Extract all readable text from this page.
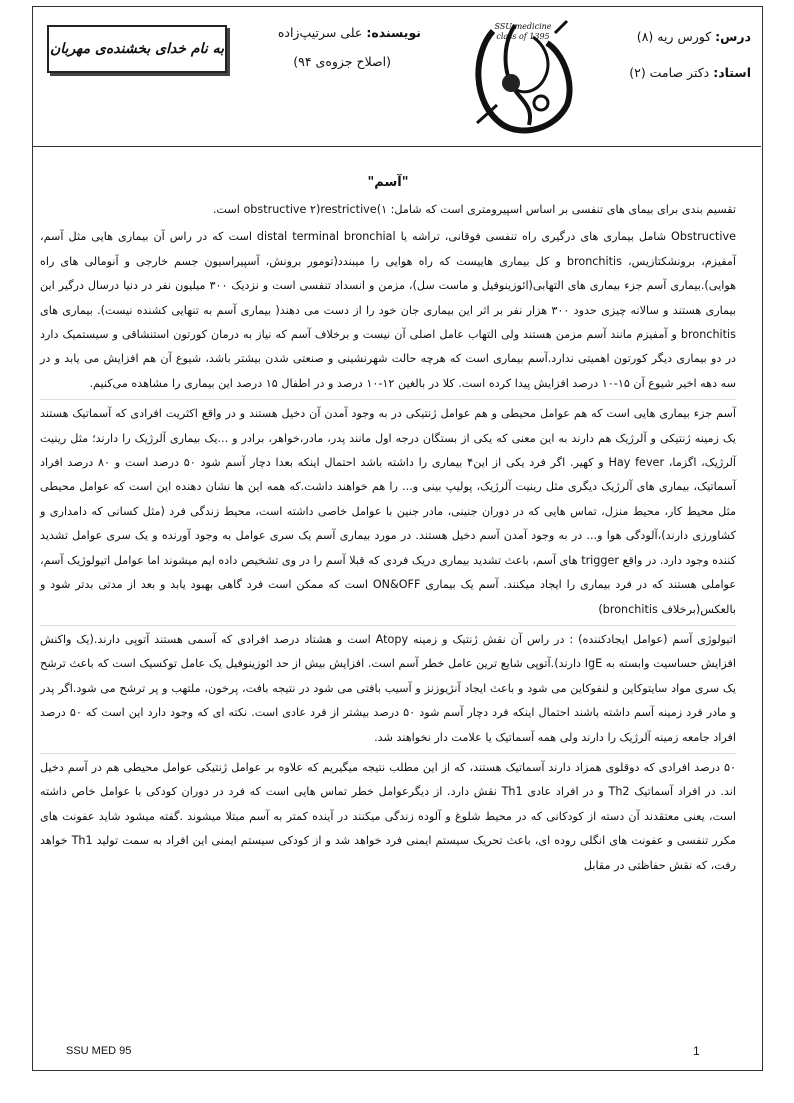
درس: کورس ریه (۸)
استاد: دکتر صامت (۲)
SSU medicine
class of 1395
نویسنده: علی سرتیپ‌زاده
(اصلاح جزوه‌ی ۹۴)
به نام خدای بخشنده‌ی مهربان
"آسم"

تقسیم بندی برای بیمای های تنفسی بر اساس اسپیرومتری است که شامل: ۱)obstructive ۲)restrictive است.

Obstructive شامل بیماری های درگیری راه تنفسی فوقانی، تراشه یا distal terminal bronchial است که در راس آن بیماری هایی مثل آسم، آمفیزم، برونشکتازیس، bronchitis و کل بیماری هاییست که راه هوایی را میبندد(تومور برونش، آسپیراسیون جسم خارجی و آنومالی های راه هوایی).بیماری آسم جزء بیماری های التهابی(ائوزینوفیل و ماست سل)، مزمن و انسداد تنفسی است و نزدیک ۳۰۰ میلیون نفر در دنیا درسال درگیر این بیماری هستند و سالانه چیزی حدود ۳۰۰ هزار نفر بر اثر این بیماری جان خود را از دست می دهند( بیماری آسم به تنهایی کشنده نیست). بیماری های bronchitis و آمفیزم مانند آسم مزمن هستند ولی التهاب عامل اصلی آن نیست و برخلاف آسم که نیاز به درمان کورتون استنشاقی و سیستمیک دارد در دو بیماری دیگر کورتون اهمیتی ندارد.آسم بیماری است که هرچه حالت شهرنشینی و صنعتی شدن بیشتر باشد، شیوع آن هم افزایش می یابد و در سه دهه اخیر شیوع آن ۱۵-۱۰ درصد افزایش پیدا کرده است. کلا در بالغین ۱۲-۱۰ درصد و در اطفال ۱۵ درصد این بیماری را مشاهده می‌کنیم.

آسم جزء بیماری هایی است که هم عوامل محیطی و هم عوامل ژنتیکی در به وجود آمدن آن دخیل هستند و در واقع اکثریت افرادی که آسماتیک هستند یک زمینه ژنتیکی و آلرژیک هم دارند به این معنی که یکی از بستگان درجه اول مانند پدر، مادر،خواهر، برادر و ...یک بیماری آلرژیک را دارند؛ مثل رینیت آلرژیک، اگزما، Hay fever و کهیر. اگر فرد یکی از این۴ بیماری را داشته باشد احتمال اینکه بعدا دچار آسم شود ۵۰ درصد است و ۸۰ درصد افراد آسماتیک، بیماری های آلرژیک دیگری مثل رینیت آلرژیک، پولیپ بینی و... را هم خواهند داشت.که همه این ها نشان دهنده این است که عوامل محیطی مثل محیط کار، محیط منزل، تماس هایی که در دوران جنینی، مادر جنین با عوامل خاصی داشته است، محیط زندگی فرد (مثل کسانی که دامداری و کشاورزی دارند)،آلودگی هوا و... در به وجود آمدن آسم دخیل هستند. در مورد بیماری آسم یک سری عوامل به وجود آورنده و یک سری عوامل تشدید کننده وجود دارد. در واقع trigger های آسم، باعث تشدید بیماری دریک فردی که قبلا آسم را در وی تشخیص داده ایم میشوند اما عوامل اتیولوژیک آسم، عواملی هستند که در فرد بیماری را ایجاد میکنند. آسم یک بیماری ON&OFF است که ممکن است فرد گاهی بهبود یابد و بعد از مدتی بدتر شود و بالعکس(برخلاف bronchitis)

اتیولوژی آسم (عوامل ایجادکننده) : در راس آن نقش ژنتیک و زمینه Atopy است و هشتاد درصد افرادی که آسمی هستند آتوپی دارند.(یک واکنش افزایش حساسیت وابسته به IgE دارند).آتوپی شایع ترین عامل خطر آسم است. افزایش بیش از حد ائوزینوفیل یک عامل توکسیک است که باعث ترشح یک سری مواد سایتوکاین و لنفوکاین می شود و باعث ایجاد آنژیوزنز و آسیب بافتی می شود در نتیجه بافت، پرخون، ملتهب و پر ترشح می شود.اگر پدر و مادر فرد زمینه آسم داشته باشند احتمال اینکه فرد دچار آسم شود ۵۰ درصد بیشتر از فرد عادی است. نکته ای که وجود دارد این است که ۵۰ درصد افراد جامعه زمینه آلرژیک را دارند ولی همه آسماتیک یا علامت دار نخواهند شد.

۵۰ درصد افرادی که دوقلوی همزاد دارند آسماتیک هستند، که از این مطلب نتیجه میگیریم که علاوه بر عوامل ژنتیکی عوامل محیطی هم در آسم دخیل اند. در افراد آسماتیک Th2 و در افراد عادی Th1 نقش دارد. از دیگرعوامل خطر تماس هایی است که فرد در دوران کودکی با عوامل خاص داشته است، یعنی معتقدند آن دسته از کودکانی که در محیط شلوغ و آلوده زندگی میکنند در آینده کمتر به آسم مبتلا میشوند .گفته میشود شاید عفونت های مکرر تنفسی و عفونت های انگلی روده ای، باعث تحریک سیستم ایمنی فرد خواهد شد و از کودکی سیستم ایمنی این افراد به سمت تولید Th1 خواهد رفت، که نقش حفاظتی در مقابل

SSU MED 95	1
